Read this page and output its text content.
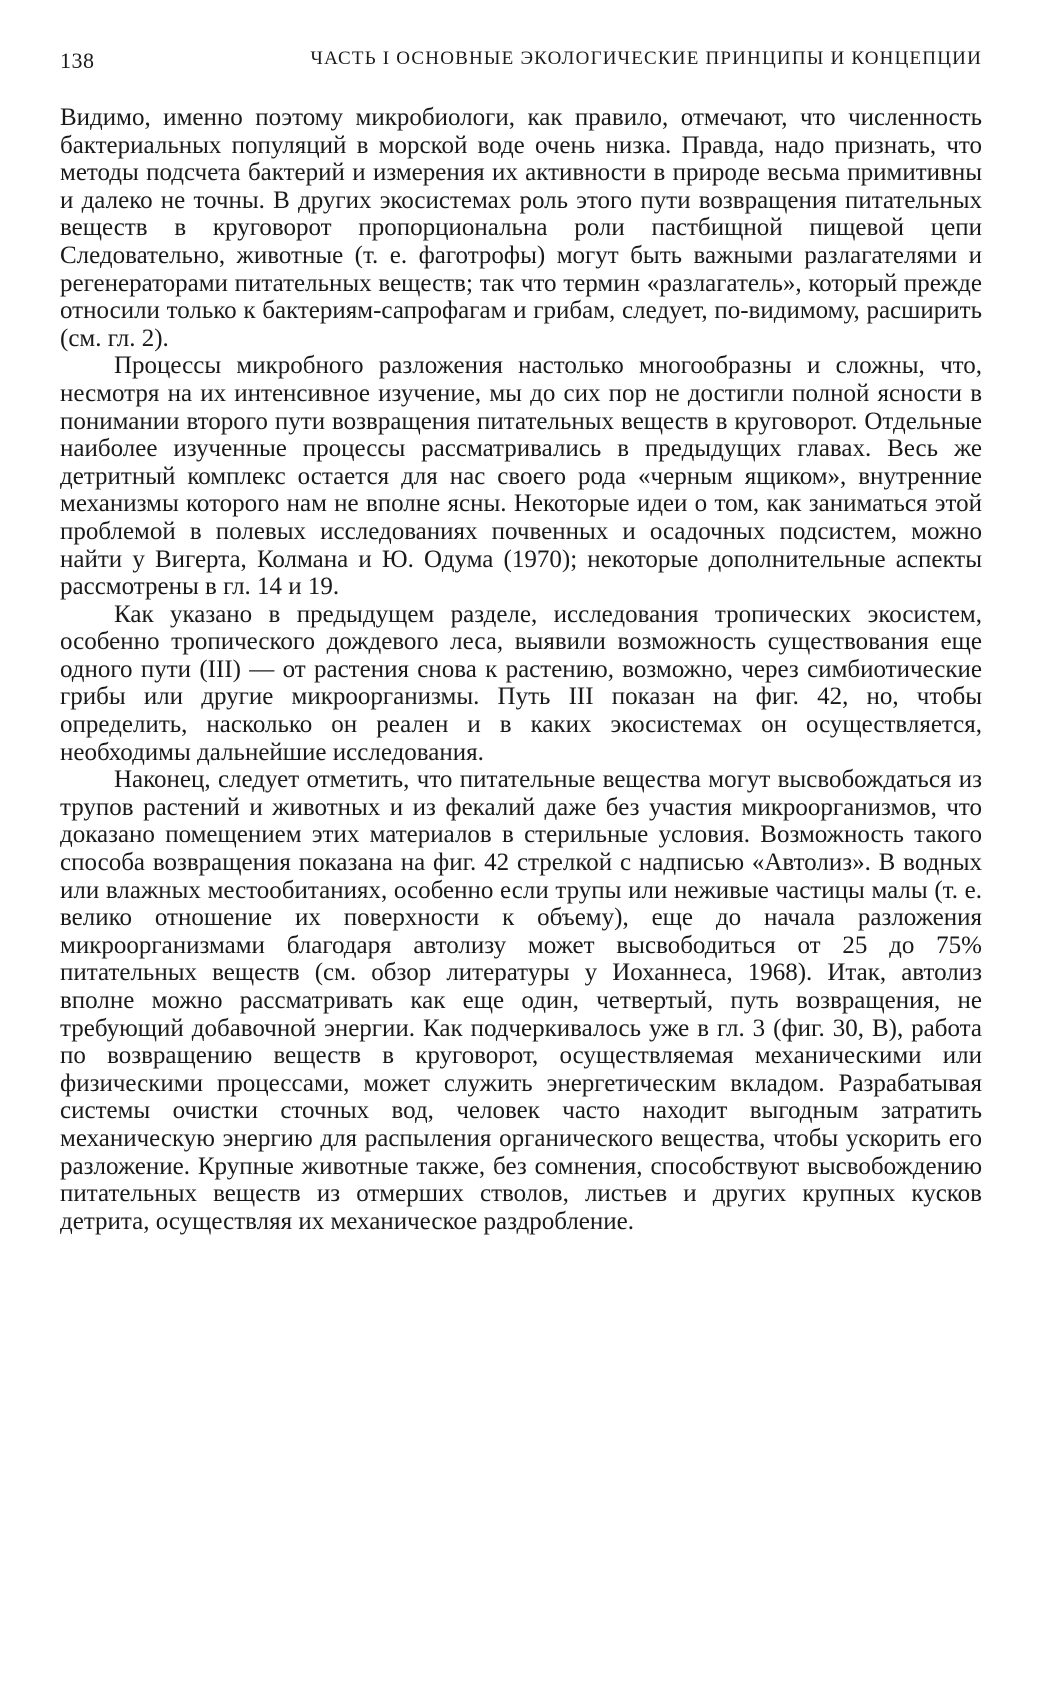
138	ЧАСТЬ I ОСНОВНЫЕ ЭКОЛОГИЧЕСКИЕ ПРИНЦИПЫ И КОНЦЕПЦИИ

Видимо, именно поэтому микробиологи, как правило, отмечают, что численность бактериальных популяций в морской воде очень низка. Правда, надо признать, что методы подсчета бактерий и измерения их активности в природе весьма примитивны и далеко не точны. В других экосистемах роль этого пути возвращения питательных веществ в круговорот пропорциональна роли пастбищной пищевой цепи Следовательно, животные (т. е. фаготрофы) могут быть важными разлагателями и регенераторами питательных веществ; так что термин «разлагатель», который прежде относили только к бактериям-сапрофагам и грибам, следует, по-видимому, расширить (см. гл. 2).

Процессы микробного разложения настолько многообразны и сложны, что, несмотря на их интенсивное изучение, мы до сих пор не достигли полной ясности в понимании второго пути возвращения питательных веществ в круговорот. Отдельные наиболее изученные процессы рассматривались в предыдущих главах. Весь же детритный комплекс остается для нас своего рода «черным ящиком», внутренние механизмы которого нам не вполне ясны. Некоторые идеи о том, как заниматься этой проблемой в полевых исследованиях почвенных и осадочных подсистем, можно найти у Вигерта, Колмана и Ю. Одума (1970); некоторые дополнительные аспекты рассмотрены в гл. 14 и 19.

Как указано в предыдущем разделе, исследования тропических экосистем, особенно тропического дождевого леса, выявили возможность существования еще одного пути (III) — от растения снова к растению, возможно, через симбиотические грибы или другие микроорганизмы. Путь III показан на фиг. 42, но, чтобы определить, насколько он реален и в каких экосистемах он осуществляется, необходимы дальнейшие исследования.

Наконец, следует отметить, что питательные вещества могут высвобождаться из трупов растений и животных и из фекалий даже без участия микроорганизмов, что доказано помещением этих материалов в стерильные условия. Возможность такого способа возвращения показана на фиг. 42 стрелкой с надписью «Автолиз». В водных или влажных местообитаниях, особенно если трупы или неживые частицы малы (т. е. велико отношение их поверхности к объему), еще до начала разложения микроорганизмами благодаря автолизу может высвободиться от 25 до 75% питательных веществ (см. обзор литературы у Иоханнеса, 1968). Итак, автолиз вполне можно рассматривать как еще один, четвертый, путь возвращения, не требующий добавочной энергии. Как подчеркивалось уже в гл. 3 (фиг. 30, В), работа по возвращению веществ в круговорот, осуществляемая механическими или физическими процессами, может служить энергетическим вкладом. Разрабатывая системы очистки сточных вод, человек часто находит выгодным затратить механическую энергию для распыления органического вещества, чтобы ускорить его разложение. Крупные животные также, без сомнения, способствуют высвобождению питательных веществ из отмерших стволов, листьев и других крупных кусков детрита, осуществляя их механическое раздробление.
